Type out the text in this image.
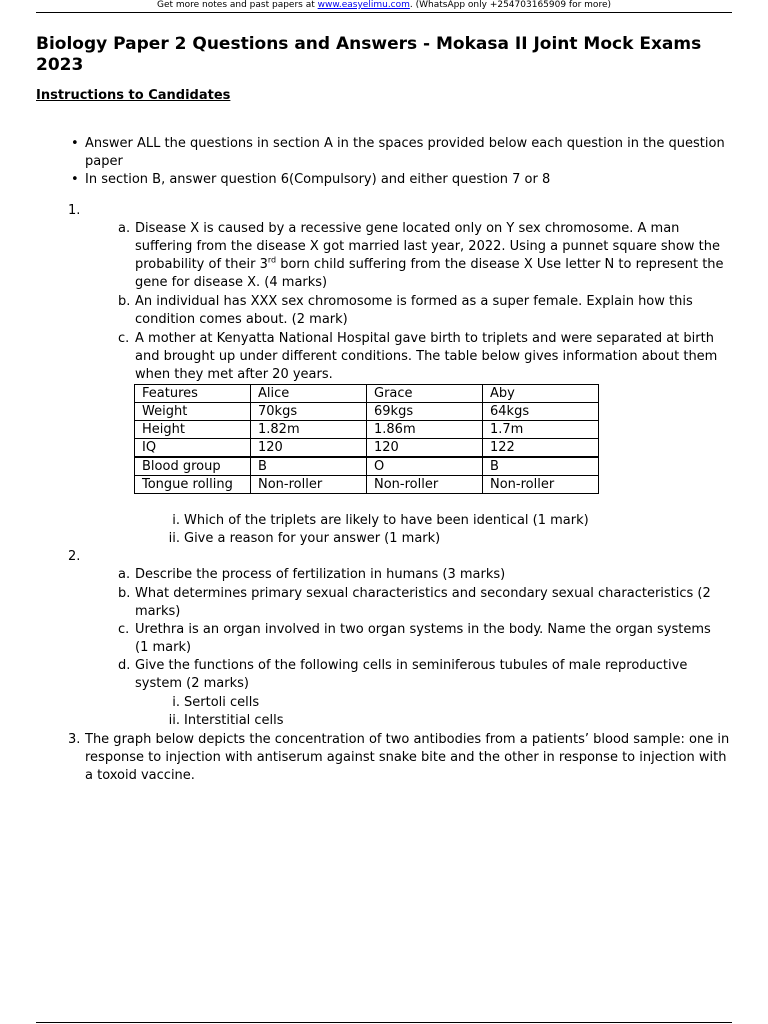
Get more notes and past papers at www.easyelimu.com. (WhatsApp only +254703165909 for more)
Biology Paper 2 Questions and Answers - Mokasa II Joint Mock Exams 2023

Instructions to Candidates

• Answer ALL the questions in section A in the spaces provided below each question in the question paper
• In section B, answer question 6(Compulsory) and either question 7 or 8
1.
a. Disease X is caused by a recessive gene located only on Y sex chromosome. A man suffering from the disease X got married last year, 2022. Using a punnet square show the probability of their 3rd born child suffering from the disease X Use letter N to represent the gene for disease X. (4 marks)
b. An individual has XXX sex chromosome is formed as a super female. Explain how this condition comes about. (2 mark)
c. A mother at Kenyatta National Hospital gave birth to triplets and were separated at birth and brought up under different conditions. The table below gives information about them when they met after 20 years.
Features	Alice	Grace	Aby
Weight	70kgs	69kgs	64kgs
Height	1.82m	1.86m	1.7m
IQ	120	120	122
Blood group	B	O	B
Tongue rolling	Non-roller	Non-roller	Non-roller
i. Which of the triplets are likely to have been identical (1 mark)
ii. Give a reason for your answer (1 mark)
2.
a. Describe the process of fertilization in humans (3 marks)
b. What determines primary sexual characteristics and secondary sexual characteristics (2 marks)
c. Urethra is an organ involved in two organ systems in the body. Name the organ systems (1 mark)
d. Give the functions of the following cells in seminiferous tubules of male reproductive system (2 marks)
i. Sertoli cells
ii. Interstitial cells
3. The graph below depicts the concentration of two antibodies from a patients’ blood sample: one in response to injection with antiserum against snake bite and the other in response to injection with a toxoid vaccine.
